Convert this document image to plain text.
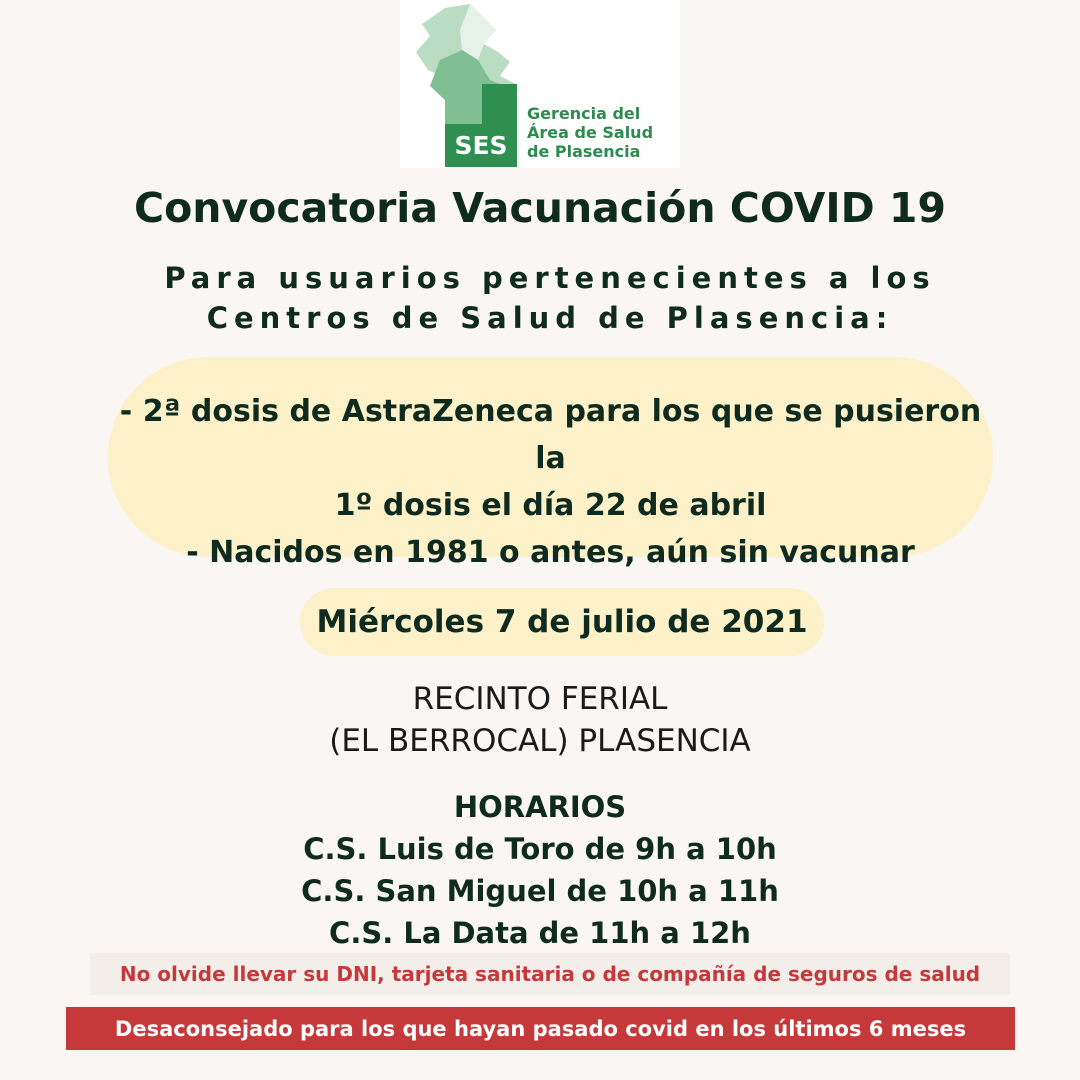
SES
Gerencia del
Área de Salud
de Plasencia
Convocatoria Vacunación COVID 19
Para usuarios pertenecientes a los
Centros de Salud de Plasencia:
- 2ª dosis de AstraZeneca para los que se pusieron la
1º dosis el día 22 de abril
- Nacidos en 1981 o antes, aún sin vacunar
Miércoles 7 de julio de 2021
RECINTO FERIAL
(EL BERROCAL) PLASENCIA
HORARIOS
C.S. Luis de Toro de 9h a 10h
C.S. San Miguel de 10h a 11h
C.S. La Data de 11h a 12h
No olvide llevar su DNI, tarjeta sanitaria o de compañía de seguros de salud
Desaconsejado para los que hayan pasado covid en los últimos 6 meses
